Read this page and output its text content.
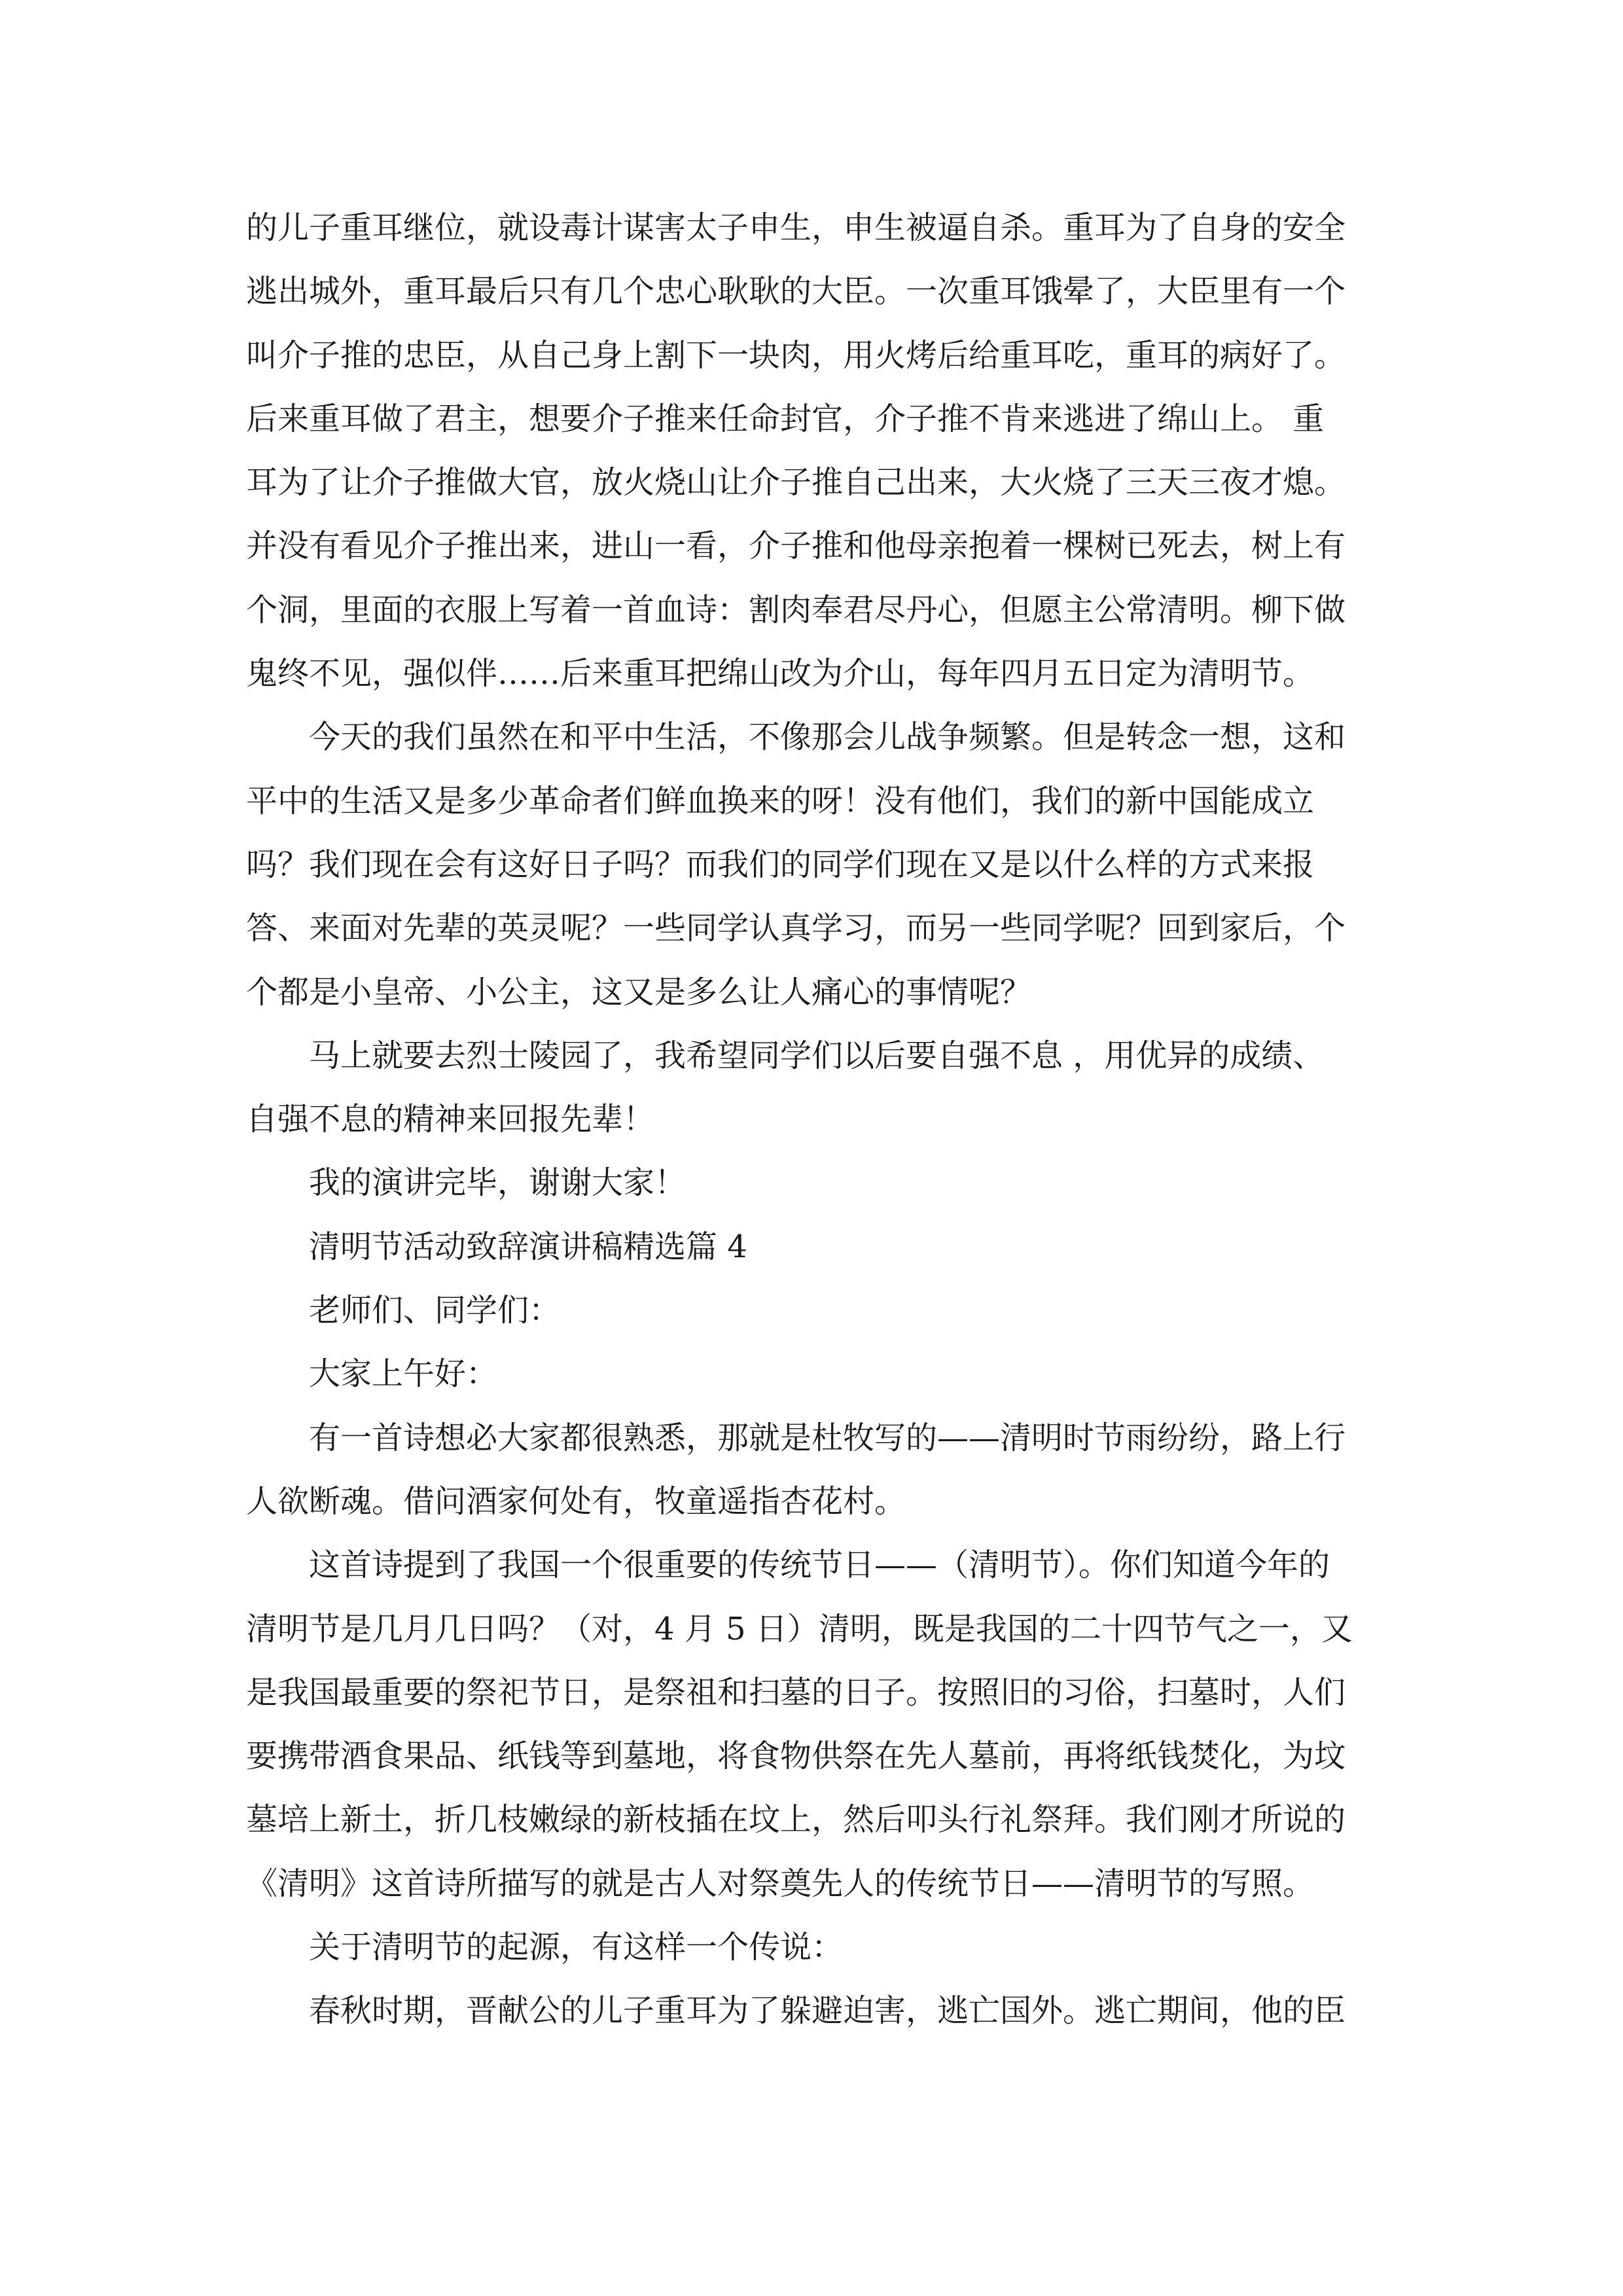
的儿子重耳继位，就设毒计谋害太子申生，申生被逼自杀。重耳为了自身的安全
逃出城外，重耳最后只有几个忠心耿耿的大臣。一次重耳饿晕了，大臣里有一个
叫介子推的忠臣，从自己身上割下一块肉，用火烤后给重耳吃，重耳的病好了。
后来重耳做了君主，想要介子推来任命封官，介子推不肯来逃进了绵山上。 重
耳为了让介子推做大官，放火烧山让介子推自己出来，大火烧了三天三夜才熄。
并没有看见介子推出来，进山一看，介子推和他母亲抱着一棵树已死去，树上有
个洞，里面的衣服上写着一首血诗：割肉奉君尽丹心，但愿主公常清明。柳下做
鬼终不见，强似伴……后来重耳把绵山改为介山，每年四月五日定为清明节。
今天的我们虽然在和平中生活，不像那会儿战争频繁。但是转念一想，这和
平中的生活又是多少革命者们鲜血换来的呀！没有他们，我们的新中国能成立
吗？我们现在会有这好日子吗？而我们的同学们现在又是以什么样的方式来报
答、来面对先辈的英灵呢？一些同学认真学习，而另一些同学呢？回到家后，个
个都是小皇帝、小公主，这又是多么让人痛心的事情呢？
马上就要去烈士陵园了，我希望同学们以后要自强不息 ，用优异的成绩、
自强不息的精神来回报先辈！
我的演讲完毕，谢谢大家！
清明节活动致辞演讲稿精选篇 4
老师们、同学们：
大家上午好：
有一首诗想必大家都很熟悉，那就是杜牧写的——清明时节雨纷纷，路上行
人欲断魂。借问酒家何处有，牧童遥指杏花村。
这首诗提到了我国一个很重要的传统节日——（清明节）。你们知道今年的
清明节是几月几日吗？（对，4 月 5 日）清明，既是我国的二十四节气之一，又
是我国最重要的祭祀节日，是祭祖和扫墓的日子。按照旧的习俗，扫墓时，人们
要携带酒食果品、纸钱等到墓地，将食物供祭在先人墓前，再将纸钱焚化，为坟
墓培上新土，折几枝嫩绿的新枝插在坟上，然后叩头行礼祭拜。我们刚才所说的
《清明》这首诗所描写的就是古人对祭奠先人的传统节日——清明节的写照。
关于清明节的起源，有这样一个传说：
春秋时期，晋献公的儿子重耳为了躲避迫害，逃亡国外。逃亡期间，他的臣
